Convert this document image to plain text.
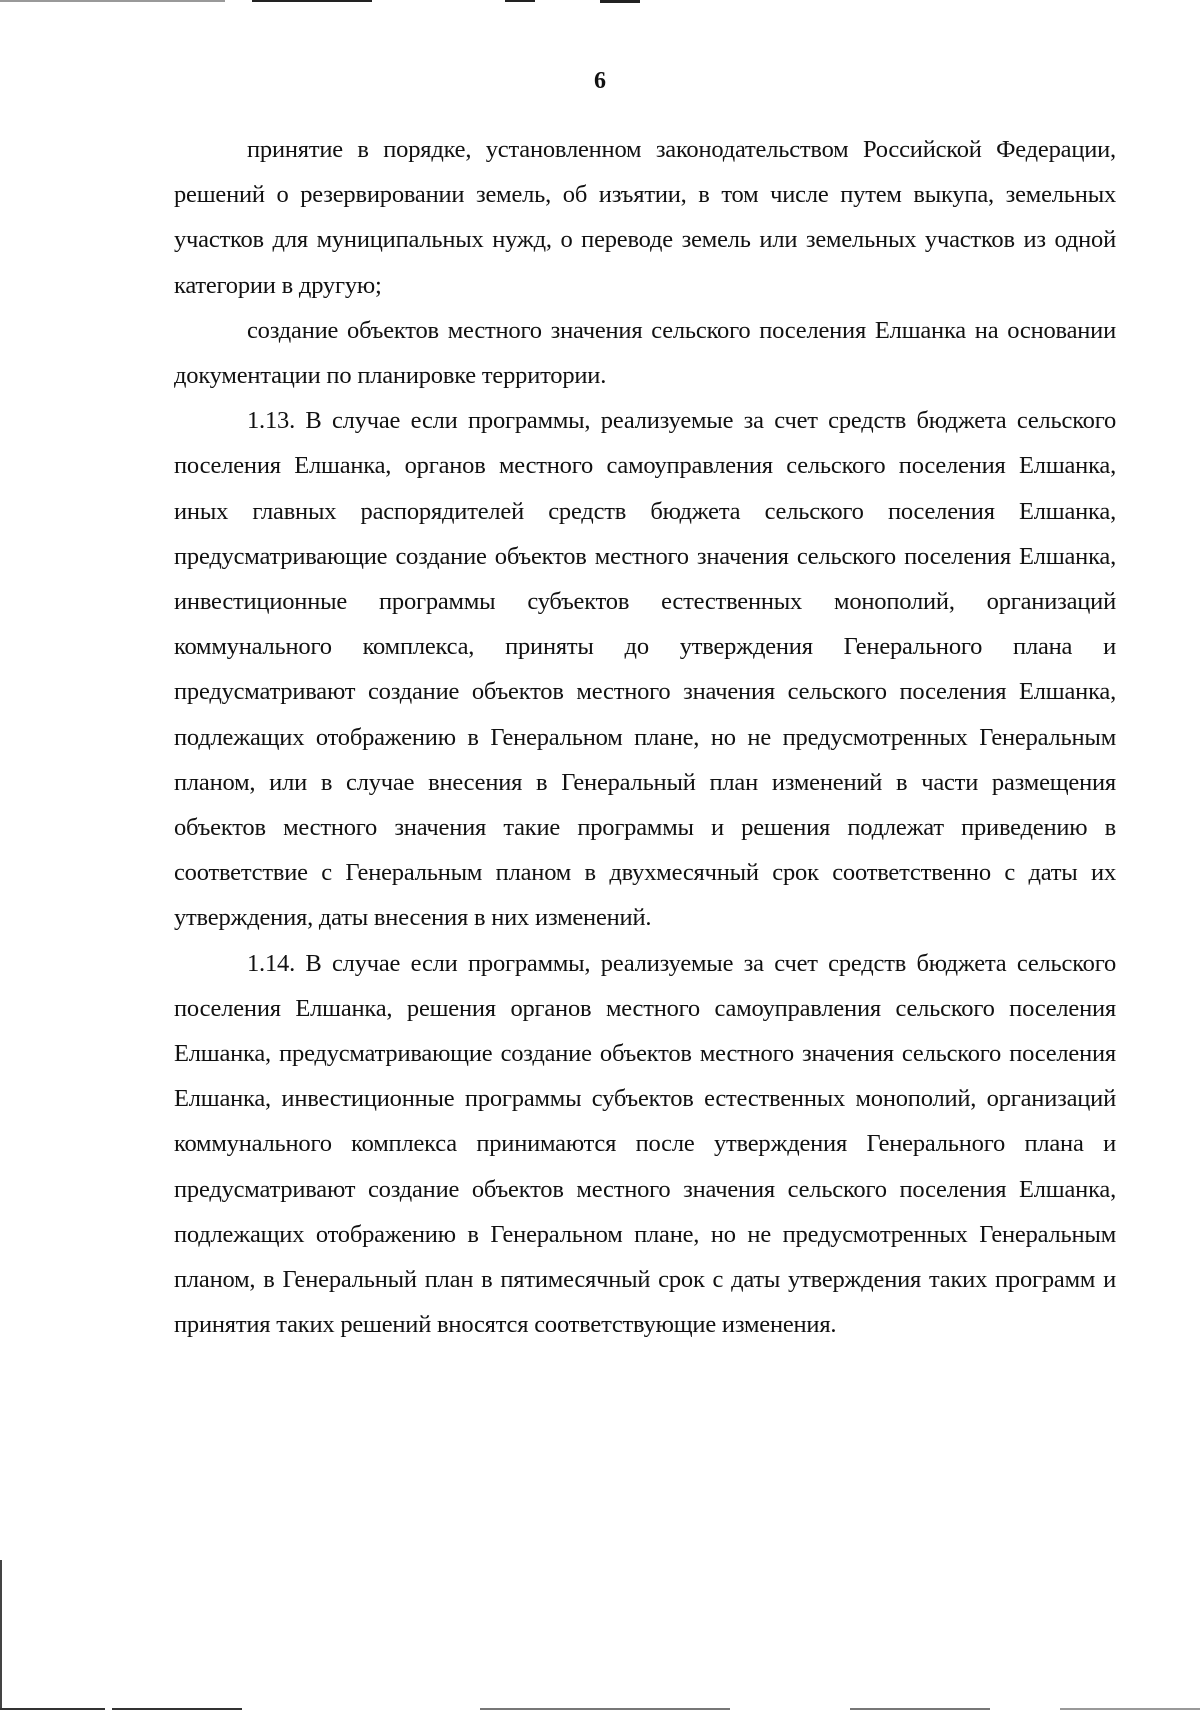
6

принятие в порядке, установленном законодательством Российской Федерации, решений о резервировании земель, об изъятии, в том числе путем выкупа, земельных участков для муниципальных нужд, о переводе земель или земельных участков из одной категории в другую;

создание объектов местного значения сельского поселения Елшанка на основании документации по планировке территории.

1.13. В случае если программы, реализуемые за счет средств бюджета сельского поселения Елшанка, органов местного самоуправления сельского поселения Елшанка, иных главных распорядителей средств бюджета сельского поселения Елшанка, предусматривающие создание объектов местного значения сельского поселения Елшанка, инвестиционные программы субъектов естественных монополий, организаций коммунального комплекса, приняты до утверждения Генерального плана и предусматривают создание объектов местного значения сельского поселения Елшанка, подлежащих отображению в Генеральном плане, но не предусмотренных Генеральным планом, или в случае внесения в Генеральный план изменений в части размещения объектов местного значения такие программы и решения подлежат приведению в соответствие с Генеральным планом в двухмесячный срок соответственно с даты их утверждения, даты внесения в них изменений.

1.14. В случае если программы, реализуемые за счет средств бюджета сельского поселения Елшанка, решения органов местного самоуправления сельского поселения Елшанка, предусматривающие создание объектов местного значения сельского поселения Елшанка, инвестиционные программы субъектов естественных монополий, организаций коммунального комплекса принимаются после утверждения Генерального плана и предусматривают создание объектов местного значения сельского поселения Елшанка, подлежащих отображению в Генеральном плане, но не предусмотренных Генеральным планом, в Генеральный план в пятимесячный срок с даты утверждения таких программ и принятия таких решений вносятся соответствующие изменения.
